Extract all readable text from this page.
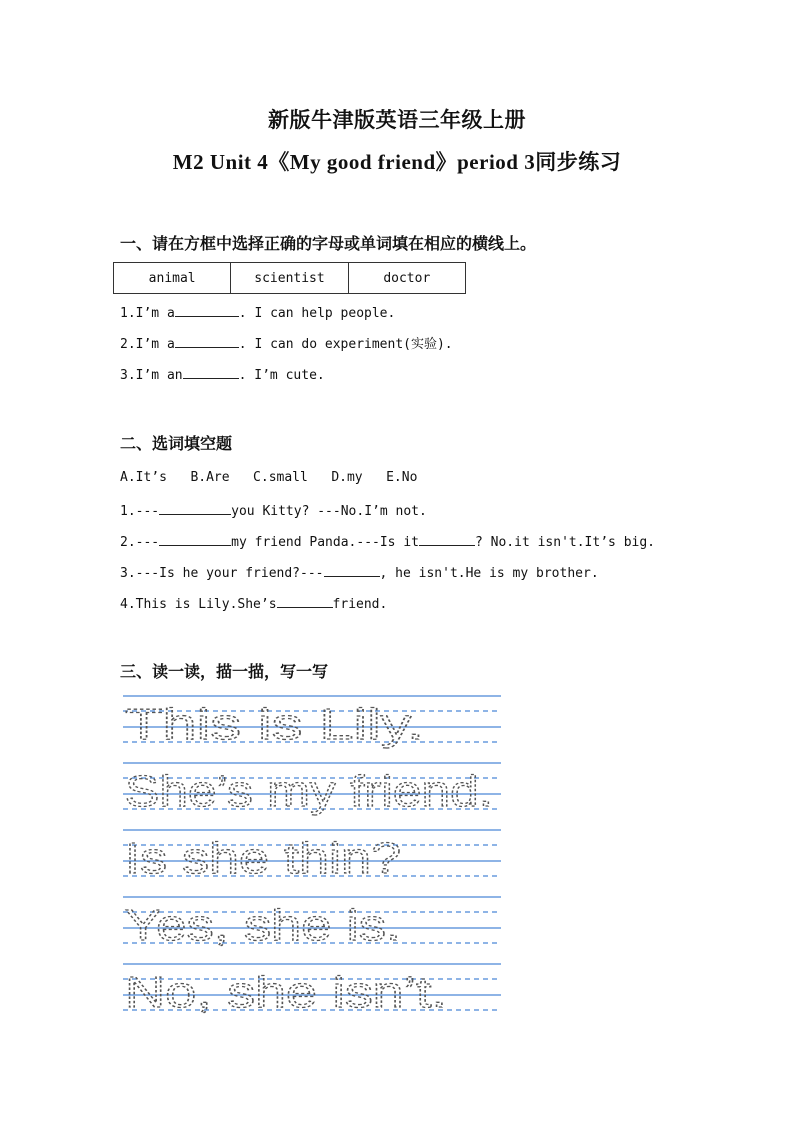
新版牛津版英语三年级上册
M2 Unit 4《My good friend》period 3同步练习
一、请在方框中选择正确的字母或单词填在相应的横线上。
animal	scientist	doctor
1.I’m a	. I can help people.
2.I’m a	. I can do experiment(实验).
3.I’m an	. I’m cute.
二、选词填空题
A.It’s   B.Are   C.small   D.my   E.No
1.---	you Kitty? ---No.I’m not.
2.---	my friend Panda.---Is it	? No.it isn't.It’s big.
3.---Is he your friend?---	, he isn't.He is my brother.
4.This is Lily.She’s	friend.
三、读一读，描一描，写一写
This is Lily.
She’s my friend.
Is she thin?
Yes, she is.
No, she isn’t.
